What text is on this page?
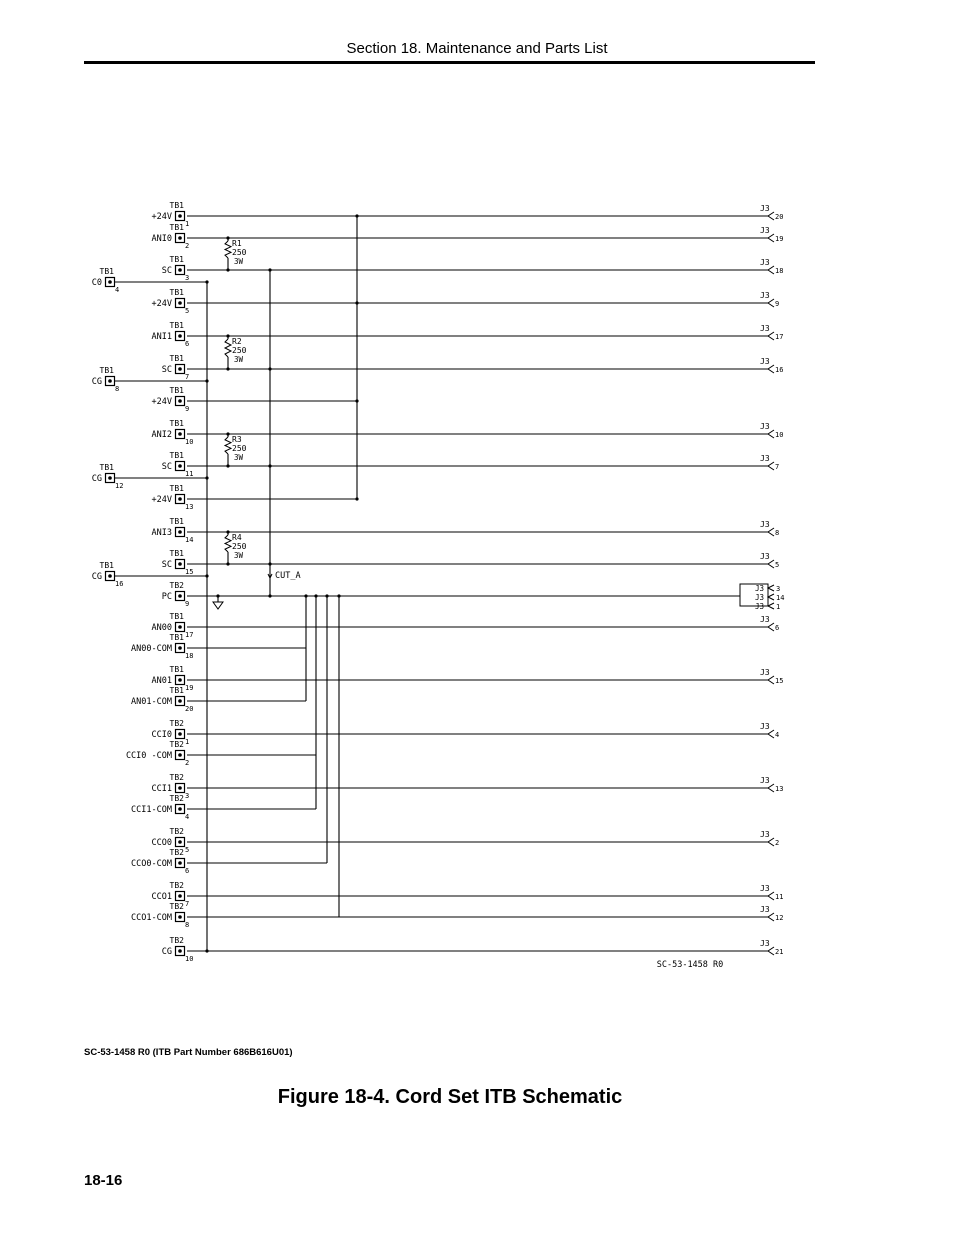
Section 18. Maintenance and Parts List
TB1
+24V
1
J3
20
TB1
ANI0
2
J3
19
TB1
SC
3
J3
18
TB1
C0
4	TB1
+24V
5
J3
9
TB1
ANI1
6
J3
17
TB1
SC
7
J3
16
TB1
CG
8	TB1
+24V
9
TB1
ANI2
10
J3
10
TB1
SC
11
J3
7
TB1
CG
12	TB1
+24V
13
TB1
ANI3
14
J3
8
TB1
SC
15
J3
5
TB1
CG
16	TB2
PC
9
TB1
AN00
17
J3
6
TB1
AN00-COM
18
TB1
AN01
19
J3
15
TB1
AN01-COM
20
TB2
CCI0
1
J3
4
TB2
CCI0 -COM
2
TB2
CCI1
3
J3
13
TB2
CCI1-COM
4
TB2
CCO0
5
J3
2
TB2
CCO0-COM
6
TB2
CCO1
7
J3
11
TB2
CCO1-COM
8
J3
12
TB2
CG
10
J3
21
R1
250
3W
R2
250
3W
R3
250
3W
R4
250
3W
CUT_A
J3 3
J3 14
J3 1
SC-53-1458 R0
SC-53-1458 R0 (ITB Part Number 686B616U01)
Figure 18-4. Cord Set ITB Schematic
18-16
